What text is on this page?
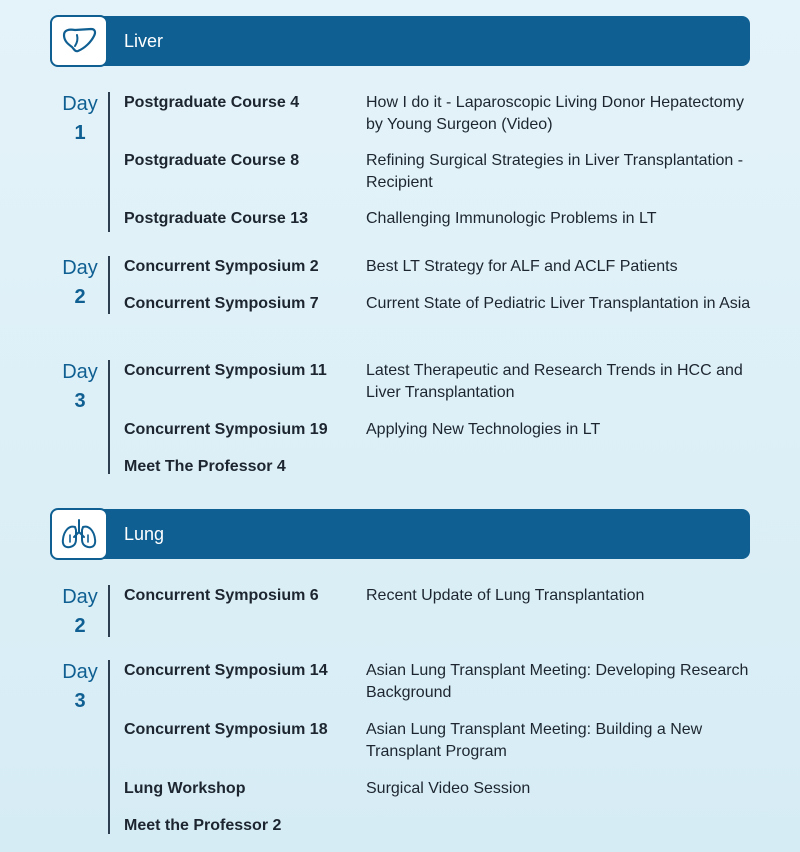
Liver
Day
1
Postgraduate Course 4	How I do it - Laparoscopic Living Donor Hepatectomy by Young Surgeon (Video)
Postgraduate Course 8	Refining Surgical Strategies in Liver Transplantation - Recipient
Postgraduate Course 13	Challenging Immunologic Problems in LT
Day
2
Concurrent Symposium 2	Best LT Strategy for ALF and ACLF Patients
Concurrent Symposium 7	Current State of Pediatric Liver Transplantation in Asia
Day
3
Concurrent Symposium 11	Latest Therapeutic and Research Trends in HCC and Liver Transplantation
Concurrent Symposium 19	Applying New Technologies in LT
Meet The Professor 4
Lung
Day
2
Concurrent Symposium 6	Recent Update of Lung Transplantation
Day
3
Concurrent Symposium 14	Asian Lung Transplant Meeting: Developing Research Background
Concurrent Symposium 18	Asian Lung Transplant Meeting: Building a New Transplant Program
Lung Workshop	Surgical Video Session
Meet the Professor 2
